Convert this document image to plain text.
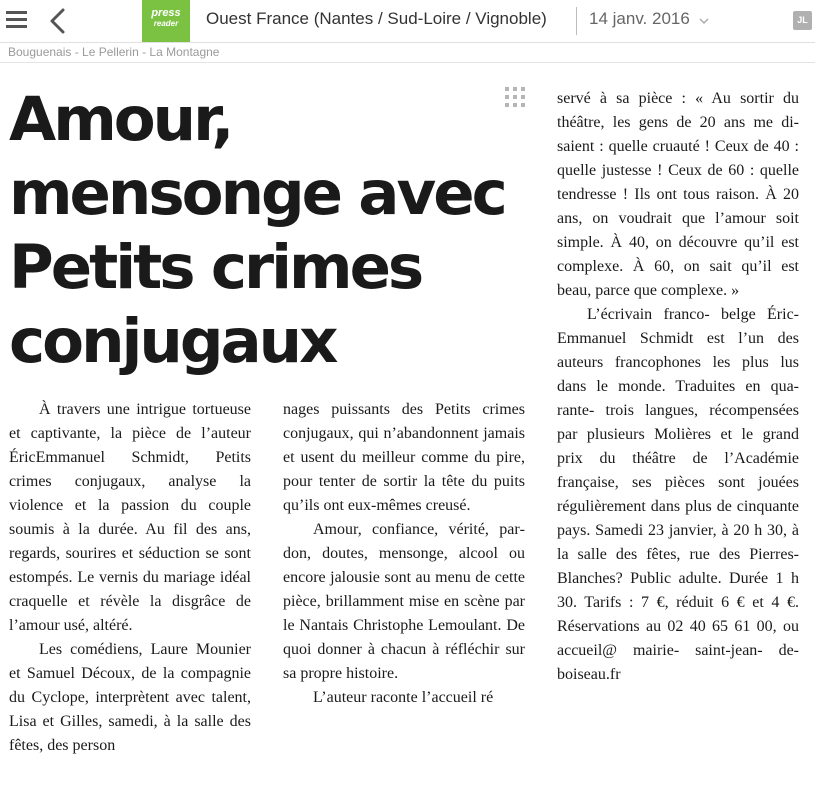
press
reader	Ouest France (Nantes / Sud-Loire / Vignoble) 14 janv. 2016	JL
Bouguenais - Le Pellerin - La Montagne
Amour, mensonge avec Petits crimes conjugaux

À travers une intrigue tortueuse et captivante, la pièce de l’auteur ÉricEmmanuel Schmidt, Petits crimes conjugaux, analyse la violence et la passion du couple soumis à la durée. Au fil des ans, regards, sourires et séduction se sont estompés. Le vernis du mariage idéal craquelle et révèle la disgrâce de l’amour usé, altéré.

Les comédiens, Laure Mounier et Samuel Découx, de la compagnie du Cyclope, interprètent avec talent, Lisa et Gilles, samedi, à la salle des fêtes, des person

nages puissants des Petits crimes conjugaux, qui n’abandonnent jamais et usent du meilleur comme du pire, pour tenter de sortir la tête du puits qu’ils ont eux-mêmes creusé.

Amour, confiance, vérité, pardon, doutes, mensonge, alcool ou encore jalousie sont au menu de cette pièce, brillamment mise en scène par le Nantais Christophe Lemoulant. De quoi donner à chacun à réfléchir sur sa propre histoire.

L’auteur raconte l’accueil ré

servé à sa pièce : « Au sortir du théâtre, les gens de 20 ans me disaient : quelle cruauté ! Ceux de 40 : quelle justesse ! Ceux de 60 : quelle tendresse ! Ils ont tous raison. À 20 ans, on voudrait que l’amour soit simple. À 40, on découvre qu’il est complexe. À 60, on sait qu’il est beau, parce que complexe. »

L’écrivain franco- belge Éric-Emmanuel Schmidt est l’un des auteurs francophones les plus lus dans le monde. Traduites en quarante- trois langues, récompensées par plusieurs Molières et le grand prix du théâtre de l’Académie française, ses pièces sont jouées régulièrement dans plus de cinquante pays. Samedi 23 janvier, à 20 h 30, à la salle des fêtes, rue des Pierres-Blanches? Public adulte. Durée 1 h 30. Tarifs : 7 €, réduit 6 € et 4 €. Réservations au 02 40 65 61 00, ou accueil@ mairie- saint-jean- de-boiseau.fr
